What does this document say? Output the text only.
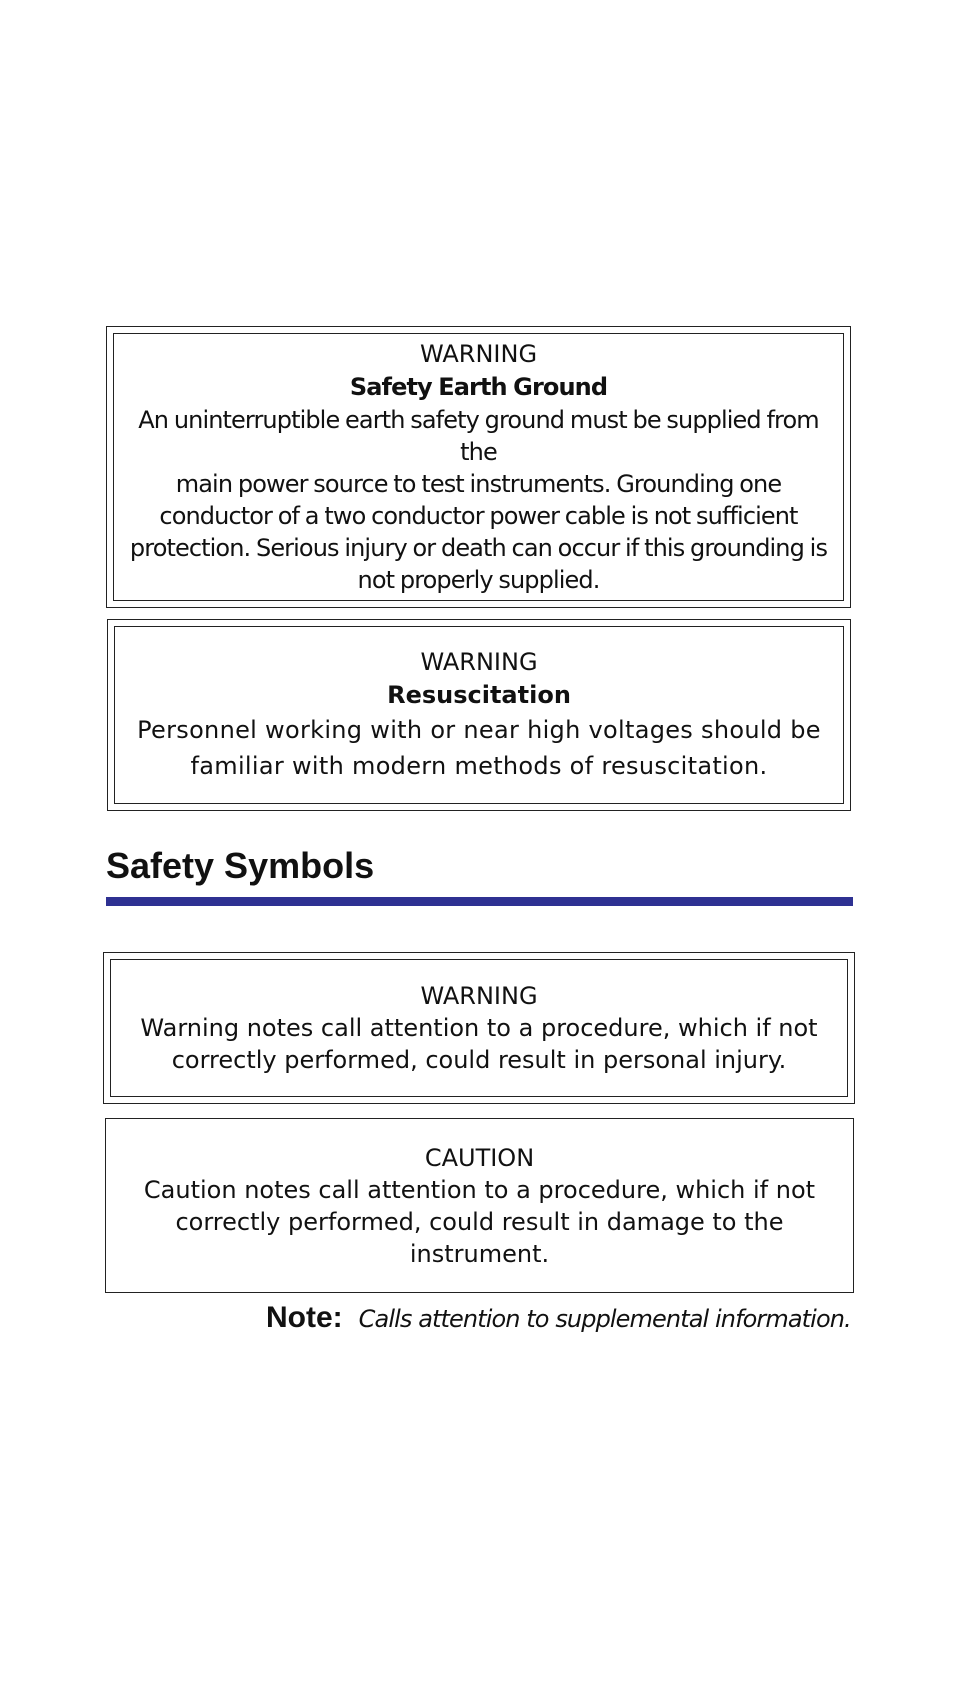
WARNING
Safety Earth Ground
An uninterruptible earth safety ground must be supplied from the
main power source to test instruments. Grounding one
conductor of a two conductor power cable is not sufficient
protection. Serious injury or death can occur if this grounding is
not properly supplied.
WARNING
Resuscitation
Personnel working with or near high voltages should be
familiar with modern methods of resuscitation.
Safety Symbols
WARNING
Warning notes call attention to a procedure, which if not
correctly performed, could result in personal injury.
CAUTION
Caution notes call attention to a procedure, which if not
correctly performed, could result in damage to the
instrument.
Note: Calls attention to supplemental information.
